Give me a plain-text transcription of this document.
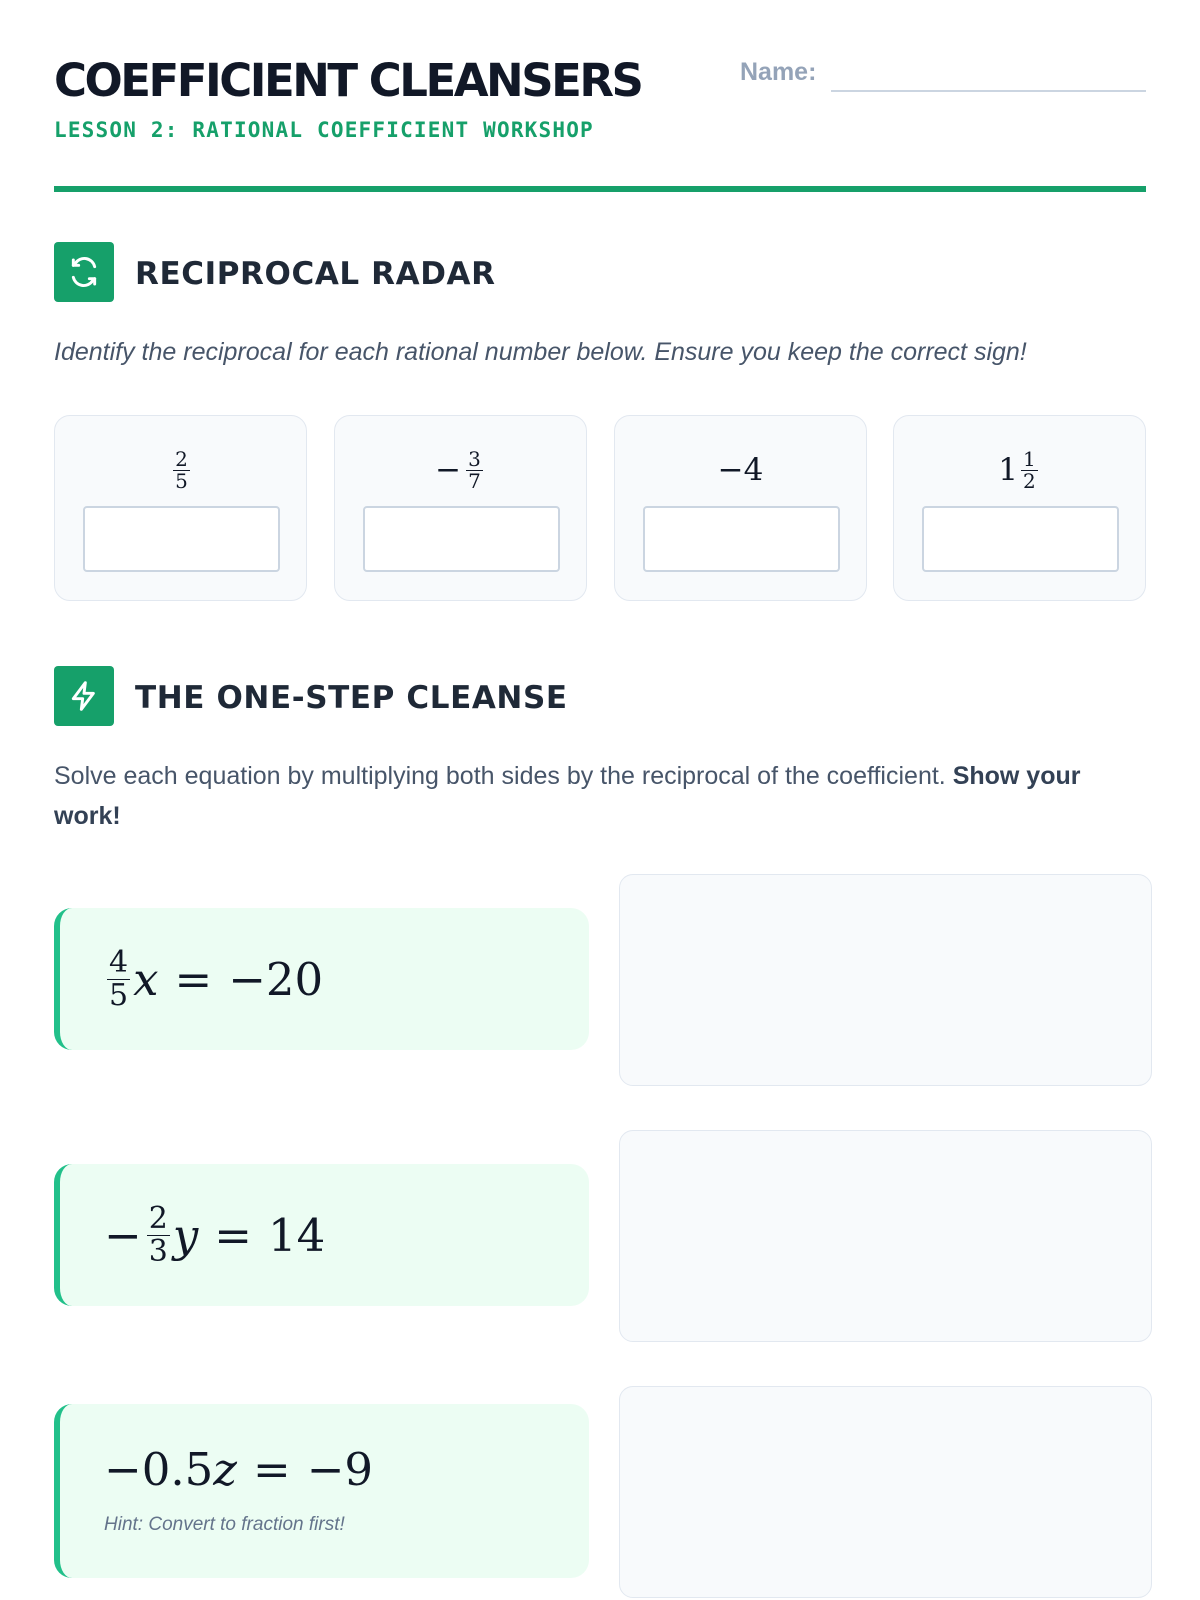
COEFFICIENT CLEANSERS
LESSON 2: RATIONAL COEFFICIENT WORKSHOP
Name:
RECIPROCAL RADAR
Identify the reciprocal for each rational number below. Ensure you keep the correct sign!
$\frac{2}{5}$	− $\frac{3}{7}$	−4	$1 \frac{1}{2}$
THE ONE-STEP CLEANSE
Solve each equation by multiplying both sides by the reciprocal of the coefficient. Show your work!
$\frac{4}{5}$ x = −20
− $\frac{2}{3}$ y = 14
−0.5 z = −9
Hint: Convert to fraction first!
